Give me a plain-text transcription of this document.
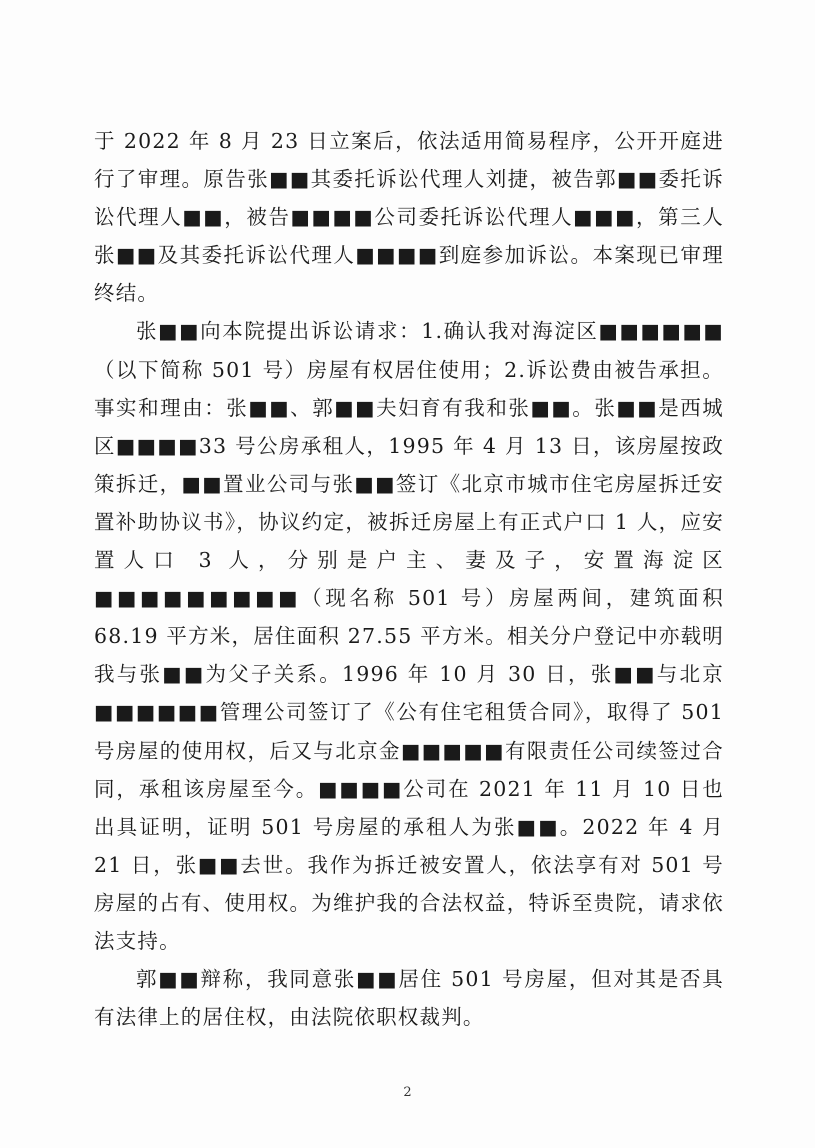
于 2022 年 8 月 23 日立案后，依法适用简易程序，公开开庭进行了审理。原告张■■其委托诉讼代理人刘捷，被告郭■■委托诉讼代理人■■，被告■■■■公司委托诉讼代理人■■■，第三人张■■及其委托诉讼代理人■■■■到庭参加诉讼。本案现已审理终结。

张■■向本院提出诉讼请求：1.确认我对海淀区■■■■■■（以下简称 501 号）房屋有权居住使用；2.诉讼费由被告承担。事实和理由：张■■、郭■■夫妇育有我和张■■。张■■是西城区■■■■33 号公房承租人，1995 年 4 月 13 日，该房屋按政策拆迁，■■置业公司与张■■签订《北京市城市住宅房屋拆迁安置补助协议书》，协议约定，被拆迁房屋上有正式户口 1 人，应安置人口 3 人，分别是户主、妻及子，安置海淀区■■■■■■■■■（现名称 501 号）房屋两间，建筑面积 68.19 平方米，居住面积 27.55 平方米。相关分户登记中亦载明我与张■■为父子关系。1996 年 10 月 30 日，张■■与北京■■■■■■管理公司签订了《公有住宅租赁合同》，取得了 501 号房屋的使用权，后又与北京金■■■■■有限责任公司续签过合同，承租该房屋至今。■■■■公司在 2021 年 11 月 10 日也出具证明，证明 501 号房屋的承租人为张■■。2022 年 4 月 21 日，张■■去世。我作为拆迁被安置人，依法享有对 501 号房屋的占有、使用权。为维护我的合法权益，特诉至贵院，请求依法支持。

郭■■辩称，我同意张■■居住 501 号房屋，但对其是否具有法律上的居住权，由法院依职权裁判。

2
